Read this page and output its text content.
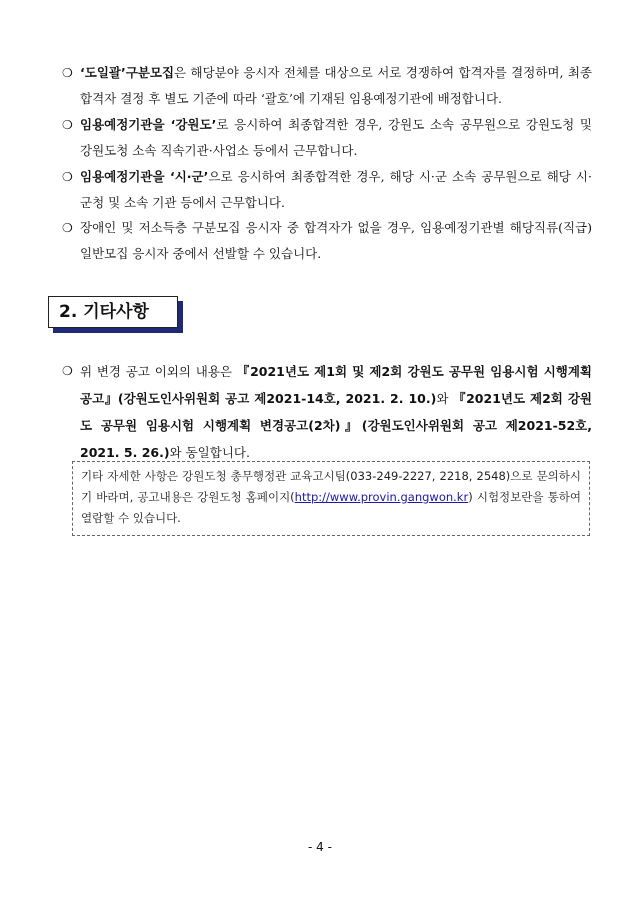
❍ ‘도일괄’구분모집은 해당분야 응시자 전체를 대상으로 서로 경쟁하여 합격자를 결정하며, 최종합격자 결정 후 별도 기준에 따라 ‘괄호’에 기재된 임용예정기관에 배정합니다.
❍ 임용예정기관을 ‘강원도’로 응시하여 최종합격한 경우, 강원도 소속 공무원으로 강원도청 및 강원도청 소속 직속기관·사업소 등에서 근무합니다.
❍ 임용예정기관을 ‘시·군’으로 응시하여 최종합격한 경우, 해당 시·군 소속 공무원으로 해당 시·군청 및 소속 기관 등에서 근무합니다.
❍ 장애인 및 저소득층 구분모집 응시자 중 합격자가 없을 경우, 임용예정기관별 해당직류(직급) 일반모집 응시자 중에서 선발할 수 있습니다.
2. 기타사항
❍ 위 변경 공고 이외의 내용은 『2021년도 제1회 및 제2회 강원도 공무원 임용시험 시행계획 공고』(강원도인사위원회 공고 제2021-14호, 2021. 2. 10.)와 『2021년도 제2회 강원도 공무원 임용시험 시행계획 변경공고(2차)』(강원도인사위원회 공고 제2021-52호, 2021. 5. 26.)와 동일합니다.
기타 자세한 사항은 강원도청 총무행정관 교육고시팀(033-249-2227, 2218, 2548)으로 문의하시기 바라며, 공고내용은 강원도청 홈페이지(http://www.provin.gangwon.kr) 시험정보란을 통하여 열람할 수 있습니다.
- 4 -
